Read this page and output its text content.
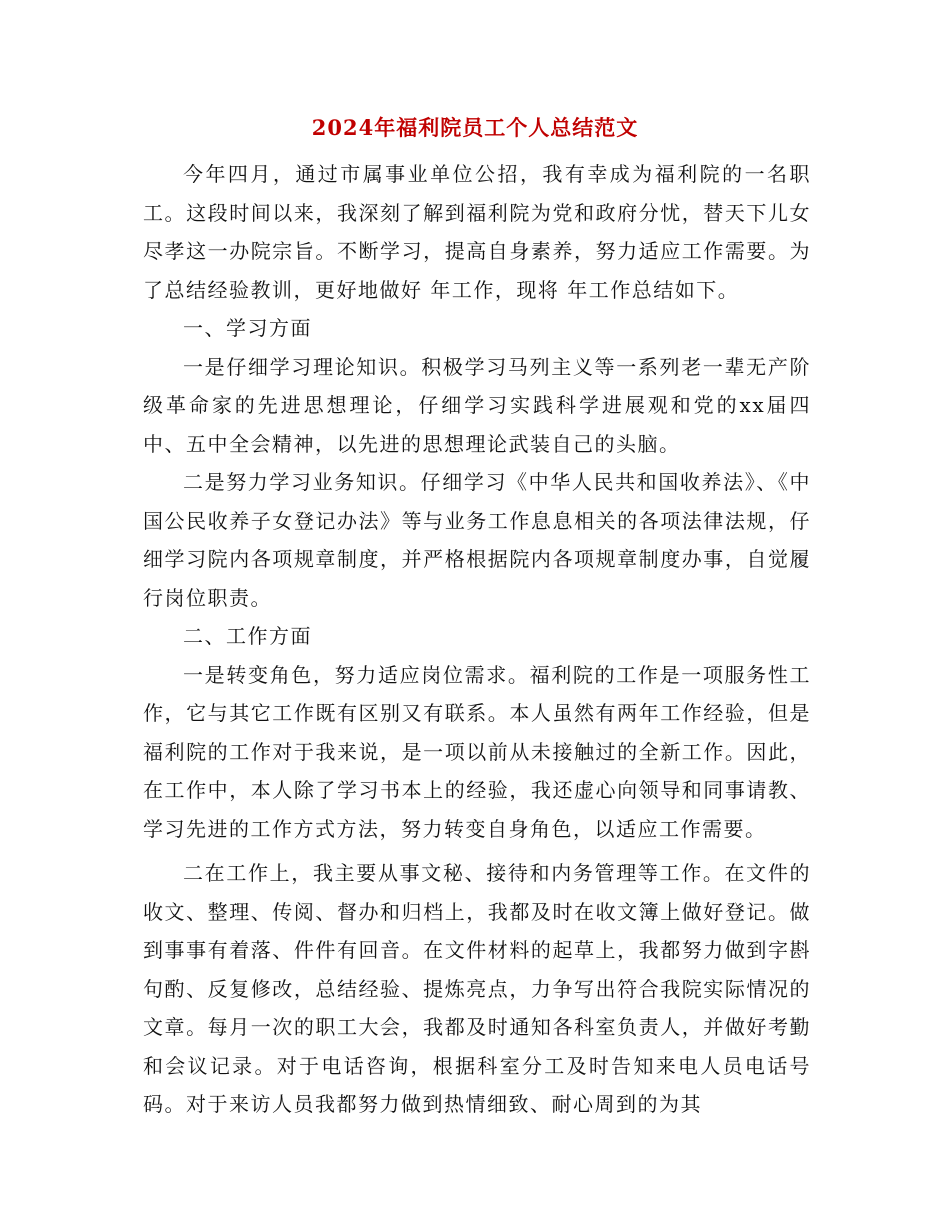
2024年福利院员工个人总结范文

今年四月，通过市属事业单位公招，我有幸成为福利院的一名职工。这段时间以来，我深刻了解到福利院为党和政府分忧，替天下儿女尽孝这一办院宗旨。不断学习，提高自身素养，努力适应工作需要。为了总结经验教训，更好地做好 年工作，现将 年工作总结如下。

一、学习方面

一是仔细学习理论知识。积极学习马列主义等一系列老一辈无产阶级革命家的先进思想理论，仔细学习实践科学进展观和党的xx届四中、五中全会精神，以先进的思想理论武装自己的头脑。

二是努力学习业务知识。仔细学习《中华人民共和国收养法》、《中国公民收养子女登记办法》等与业务工作息息相关的各项法律法规，仔细学习院内各项规章制度，并严格根据院内各项规章制度办事，自觉履行岗位职责。

二、工作方面

一是转变角色，努力适应岗位需求。福利院的工作是一项服务性工作，它与其它工作既有区别又有联系。本人虽然有两年工作经验，但是福利院的工作对于我来说，是一项以前从未接触过的全新工作。因此，在工作中，本人除了学习书本上的经验，我还虚心向领导和同事请教、学习先进的工作方式方法，努力转变自身角色，以适应工作需要。

二在工作上，我主要从事文秘、接待和内务管理等工作。在文件的收文、整理、传阅、督办和归档上，我都及时在收文簿上做好登记。做到事事有着落、件件有回音。在文件材料的起草上，我都努力做到字斟句酌、反复修改，总结经验、提炼亮点，力争写出符合我院实际情况的文章。每月一次的职工大会，我都及时通知各科室负责人，并做好考勤和会议记录。对于电话咨询，根据科室分工及时告知来电人员电话号码。对于来访人员我都努力做到热情细致、耐心周到的为其
